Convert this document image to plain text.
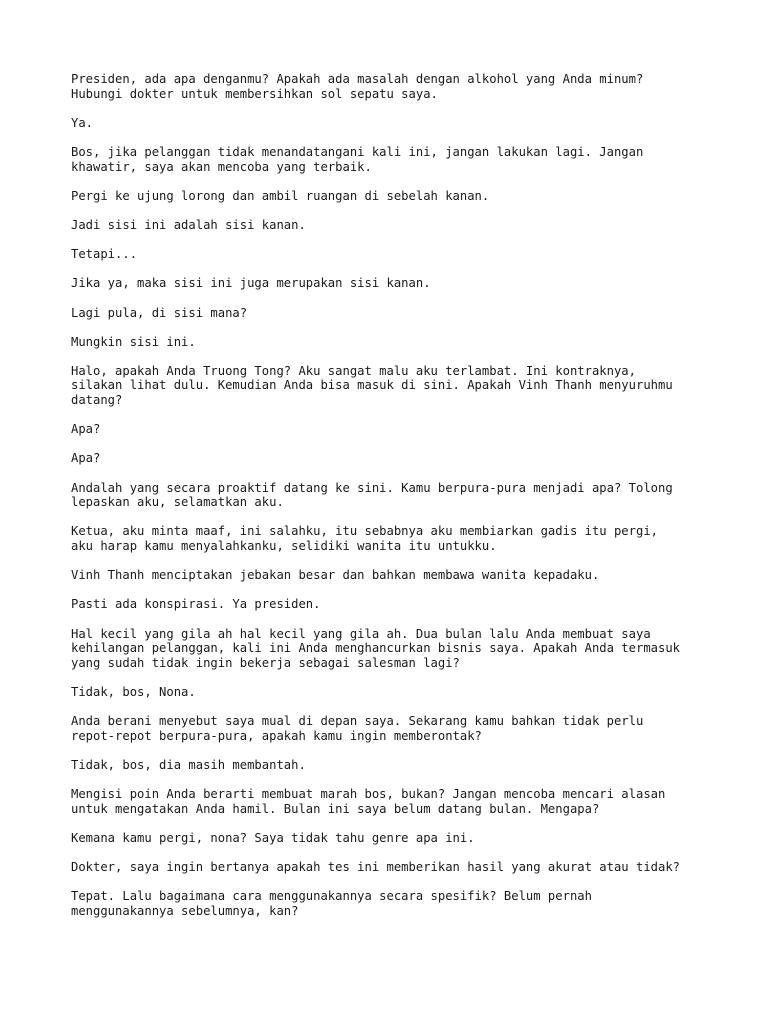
Presiden, ada apa denganmu? Apakah ada masalah dengan alkohol yang Anda minum?
Hubungi dokter untuk membersihkan sol sepatu saya.

Ya.

Bos, jika pelanggan tidak menandatangani kali ini, jangan lakukan lagi. Jangan
khawatir, saya akan mencoba yang terbaik.

Pergi ke ujung lorong dan ambil ruangan di sebelah kanan.

Jadi sisi ini adalah sisi kanan.

Tetapi...

Jika ya, maka sisi ini juga merupakan sisi kanan.

Lagi pula, di sisi mana?

Mungkin sisi ini.

Halo, apakah Anda Truong Tong? Aku sangat malu aku terlambat. Ini kontraknya,
silakan lihat dulu. Kemudian Anda bisa masuk di sini. Apakah Vinh Thanh menyuruhmu
datang?

Apa?

Apa?

Andalah yang secara proaktif datang ke sini. Kamu berpura-pura menjadi apa? Tolong
lepaskan aku, selamatkan aku.

Ketua, aku minta maaf, ini salahku, itu sebabnya aku membiarkan gadis itu pergi,
aku harap kamu menyalahkanku, selidiki wanita itu untukku.

Vinh Thanh menciptakan jebakan besar dan bahkan membawa wanita kepadaku.

Pasti ada konspirasi. Ya presiden.

Hal kecil yang gila ah hal kecil yang gila ah. Dua bulan lalu Anda membuat saya
kehilangan pelanggan, kali ini Anda menghancurkan bisnis saya. Apakah Anda termasuk
yang sudah tidak ingin bekerja sebagai salesman lagi?

Tidak, bos, Nona.

Anda berani menyebut saya mual di depan saya. Sekarang kamu bahkan tidak perlu
repot-repot berpura-pura, apakah kamu ingin memberontak?

Tidak, bos, dia masih membantah.

Mengisi poin Anda berarti membuat marah bos, bukan? Jangan mencoba mencari alasan
untuk mengatakan Anda hamil. Bulan ini saya belum datang bulan. Mengapa?

Kemana kamu pergi, nona? Saya tidak tahu genre apa ini.

Dokter, saya ingin bertanya apakah tes ini memberikan hasil yang akurat atau tidak?

Tepat. Lalu bagaimana cara menggunakannya secara spesifik? Belum pernah
menggunakannya sebelumnya, kan?
